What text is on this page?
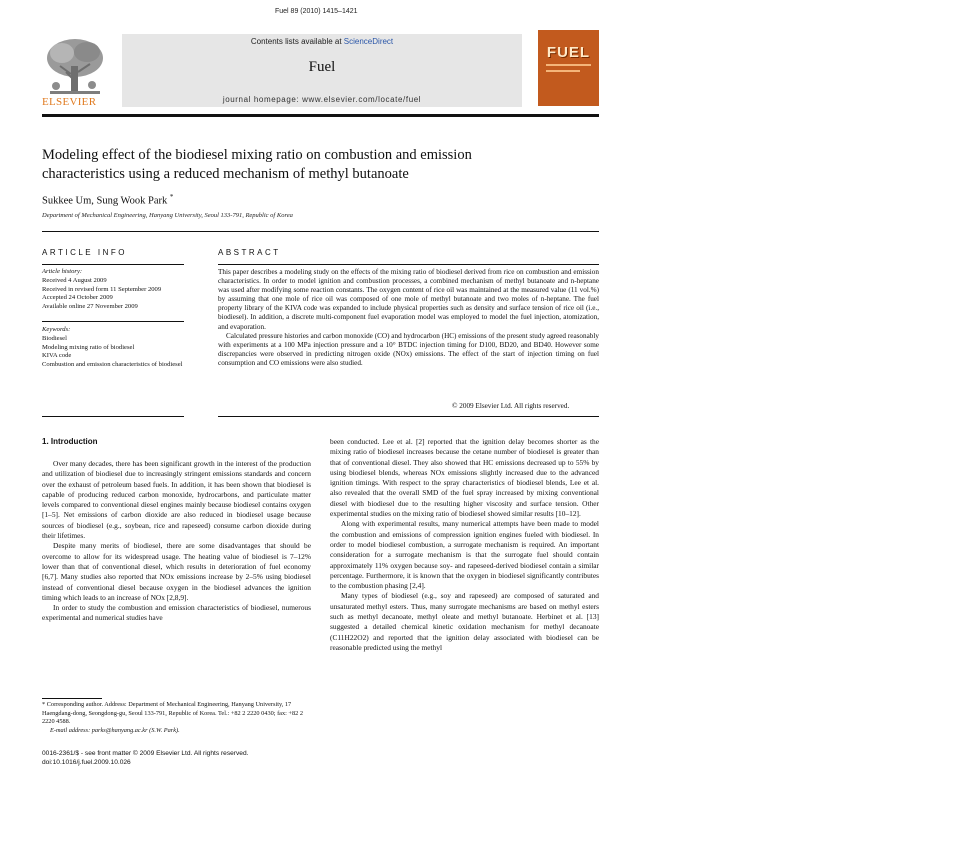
Fuel 89 (2010) 1415–1421
ELSEVIER
Contents lists available at ScienceDirect
Fuel
journal homepage: www.elsevier.com/locate/fuel
FUEL
Modeling effect of the biodiesel mixing ratio on combustion and emission
characteristics using a reduced mechanism of methyl butanoate
Sukkee Um, Sung Wook Park *
Department of Mechanical Engineering, Hanyang University, Seoul 133-791, Republic of Korea
ARTICLE INFO
Article history:
Received 4 August 2009
Received in revised form 11 September 2009
Accepted 24 October 2009
Available online 27 November 2009
Keywords:
Biodiesel
Modeling mixing ratio of biodiesel
KIVA code
Combustion and emission characteristics of biodiesel
ABSTRACT

This paper describes a modeling study on the effects of the mixing ratio of biodiesel derived from rice on combustion and emission characteristics. In order to model ignition and combustion processes, a combined mechanism of methyl butanoate and n-heptane was used after modifying some reaction constants. The oxygen content of rice oil was maintained at the measured value (11 vol.%) by assuming that one mole of rice oil was composed of one mole of methyl butanoate and two moles of n-heptane. The fuel property library of the KIVA code was expanded to include physical properties such as density and surface tension of rice oil (i.e., biodiesel). In addition, a discrete multi-component fuel evaporation model was employed to model the fuel injection, atomization, and evaporation.

Calculated pressure histories and carbon monoxide (CO) and hydrocarbon (HC) emissions of the present study agreed reasonably with experiments at a 100 MPa injection pressure and a 10° BTDC injection timing for D100, BD20, and BD40. However some discrepancies were observed in predicting nitrogen oxide (NOx) emissions. The effect of the start of injection timing on fuel consumption and CO emissions were also studied.

© 2009 Elsevier Ltd. All rights reserved.
1. Introduction

Over many decades, there has been significant growth in the interest of the production and utilization of biodiesel due to increasingly stringent emissions standards and concern over the exhaust of petroleum based fuels. In addition, it has been shown that biodiesel is capable of producing reduced carbon monoxide, hydrocarbons, and particulate matter levels compared to conventional diesel engines mainly because biodiesel contains oxygen [1–5]. Net emissions of carbon dioxide are also reduced in biodiesel usage because sources of biodiesel (e.g., soybean, rice and rapeseed) consume carbon dioxide during their lifetimes.

Despite many merits of biodiesel, there are some disadvantages that should be overcome to allow for its widespread usage. The heating value of biodiesel is 7–12% lower than that of conventional diesel, which results in deterioration of fuel economy [6,7]. Many studies also reported that NOx emissions increase by 2–5% using biodiesel instead of conventional diesel because oxygen in the biodiesel advances the ignition timing which leads to an increase of NOx [2,8,9].

In order to study the combustion and emission characteristics of biodiesel, numerous experimental and numerical studies have

been conducted. Lee et al. [2] reported that the ignition delay becomes shorter as the mixing ratio of biodiesel increases because the cetane number of biodiesel is greater than that of conventional diesel. They also showed that HC emissions decreased up to 55% by using biodiesel blends, whereas NOx emissions slightly increased due to the advanced ignition timings. With respect to the spray characteristics of biodiesel blends, Lee et al. also revealed that the overall SMD of the fuel spray increased by mixing conventional diesel with biodiesel due to the resulting higher viscosity and surface tension. Other experimental studies on the mixing ratio of biodiesel showed similar results [10–12].

Along with experimental results, many numerical attempts have been made to model the combustion and emissions of compression ignition engines fueled with biodiesel. In order to model biodiesel combustion, a surrogate mechanism is required. An important consideration for a surrogate mechanism is that the surrogate fuel should contain approximately 11% oxygen because soy- and rapeseed-derived biodiesel contain a similar percentage. Furthermore, it is known that the oxygen in biodiesel significantly contributes to the combustion phasing [2,4].

Many types of biodiesel (e.g., soy and rapeseed) are composed of saturated and unsaturated methyl esters. Thus, many surrogate mechanisms are based on methyl esters such as methyl decanoate, methyl oleate and methyl butanoate. Herbinet et al. [13] suggested a detailed chemical kinetic oxidation mechanism for methyl decanoate (C11H22O2) and reported that the ignition delay associated with biodiesel can be reasonable predicted using the methyl

* Corresponding author. Address: Department of Mechanical Engineering, Hanyang University, 17 Haengdang-dong, Seongdong-gu, Seoul 133-791, Republic of Korea. Tel.: +82 2 2220 0430; fax: +82 2 2220 4588.

E-mail address: parks@hanyang.ac.kr (S.W. Park).

0016-2361/$ - see front matter © 2009 Elsevier Ltd. All rights reserved.

doi:10.1016/j.fuel.2009.10.026
